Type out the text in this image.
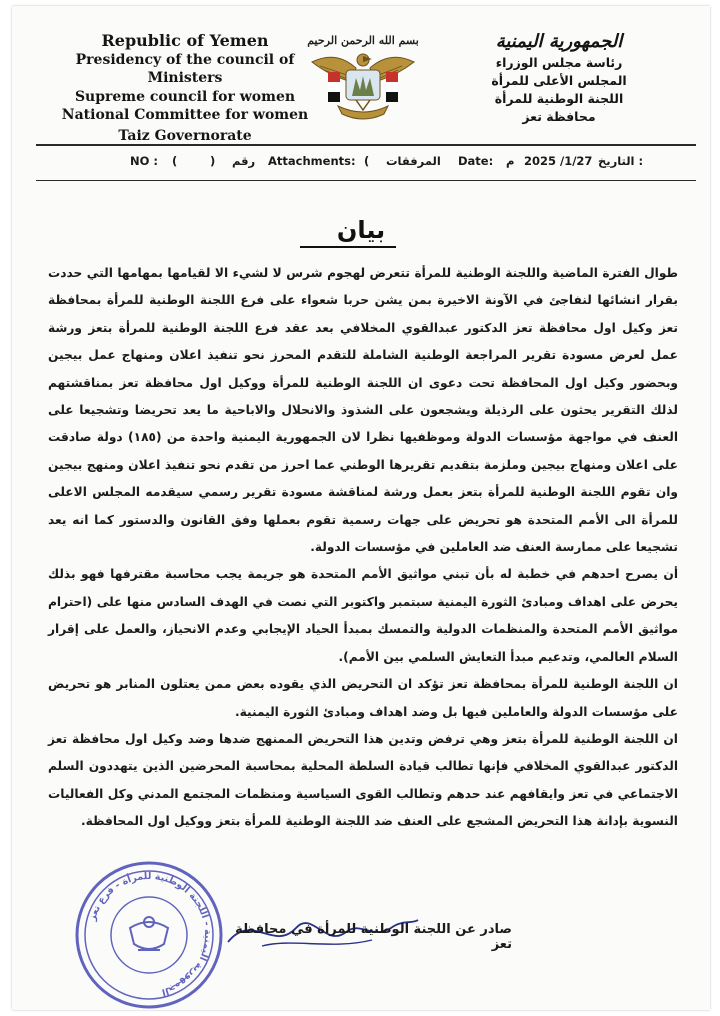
Republic of Yemen
Presidency of the council of Ministers
Supreme council for women
National Committee for women
Taiz Governorate
بسم الله الرحمن الرحيم	الجمهورية اليمنية
رئاسة مجلس الوزراء
المجلس الأعلى للمرأة
اللجنة الوطنية للمرأة
محافظة تعز
NO : (	) رقم Attachments: ( المرفقات Date: م 2025 /1/27 التاريخ :
بيان

طوال الفترة الماضية واللجنة الوطنية للمرأة تتعرض لهجوم شرس لا لشيء الا لقيامها بمهامها التي حددت بقرار انشائها لنفاجئ في الآونة الاخيرة بمن يشن حربا شعواء على فرع اللجنة الوطنية للمرأة بمحافظة تعز وكيل اول محافظة تعز الدكتور عبدالقوي المخلافي بعد عقد فرع اللجنة الوطنية للمرأة بتعز ورشة عمل لعرض مسودة تقرير المراجعة الوطنية الشاملة للتقدم المحرز نحو تنفيذ اعلان ومنهاج عمل بيجين وبحضور وكيل اول المحافظة تحت دعوى ان اللجنة الوطنية للمرأة ووكيل اول محافظة تعز بمناقشتهم لذلك التقرير يحثون على الرذيلة ويشجعون على الشذوذ والانحلال والاباحية ما يعد تحريضا وتشجيعا على العنف في مواجهة مؤسسات الدولة وموظفيها نظرا لان الجمهورية اليمنية واحدة من (١٨٥) دولة صادقت على اعلان ومنهاج بيجين وملزمة بتقديم تقريرها الوطني عما احرز من تقدم نحو تنفيذ اعلان ومنهج بيجين وان تقوم اللجنة الوطنية للمرأة بتعز بعمل ورشة لمناقشة مسودة تقرير رسمي سيقدمه المجلس الاعلى للمرأة الى الأمم المتحدة هو تحريض على جهات رسمية تقوم بعملها وفق القانون والدستور كما انه يعد تشجيعا على ممارسة العنف ضد العاملين في مؤسسات الدولة.

أن يصرح احدهم في خطبة له بأن تبني مواثيق الأمم المتحدة هو جريمة يجب محاسبة مقترفها فهو بذلك يحرض على اهداف ومبادئ الثورة اليمنية سبتمبر واكتوبر التي نصت في الهدف السادس منها على (احترام مواثيق الأمم المتحدة والمنظمات الدولية والتمسك بمبدأ الحياد الإيجابي وعدم الانحياز، والعمل على إقرار السلام العالمي، وتدعيم مبدأ التعايش السلمي بين الأمم).

ان اللجنة الوطنية للمرأة بمحافظة تعز تؤكد ان التحريض الذي يقوده بعض ممن يعتلون المنابر هو تحريض على مؤسسات الدولة والعاملين فيها بل وضد اهداف ومبادئ الثورة اليمنية.

ان اللجنة الوطنية للمرأة بتعز وهي ترفض وتدين هذا التحريض الممنهج ضدها وضد وكيل اول محافظة تعز الدكتور عبدالقوي المخلافي فإنها تطالب قيادة السلطة المحلية بمحاسبة المحرضين الذين يتهددون السلم الاجتماعي في تعز وايقافهم عند حدهم وتطالب القوى السياسية ومنظمات المجتمع المدني وكل الفعاليات النسوية بإدانة هذا التحريض المشجع على العنف ضد اللجنة الوطنية للمرأة بتعز ووكيل اول المحافظة.

الجمهورية اليمنية - اللجنة الوطنية للمرأة - فرع تعز
صادر عن اللجنة الوطنية للمرأة في محافظة تعز
